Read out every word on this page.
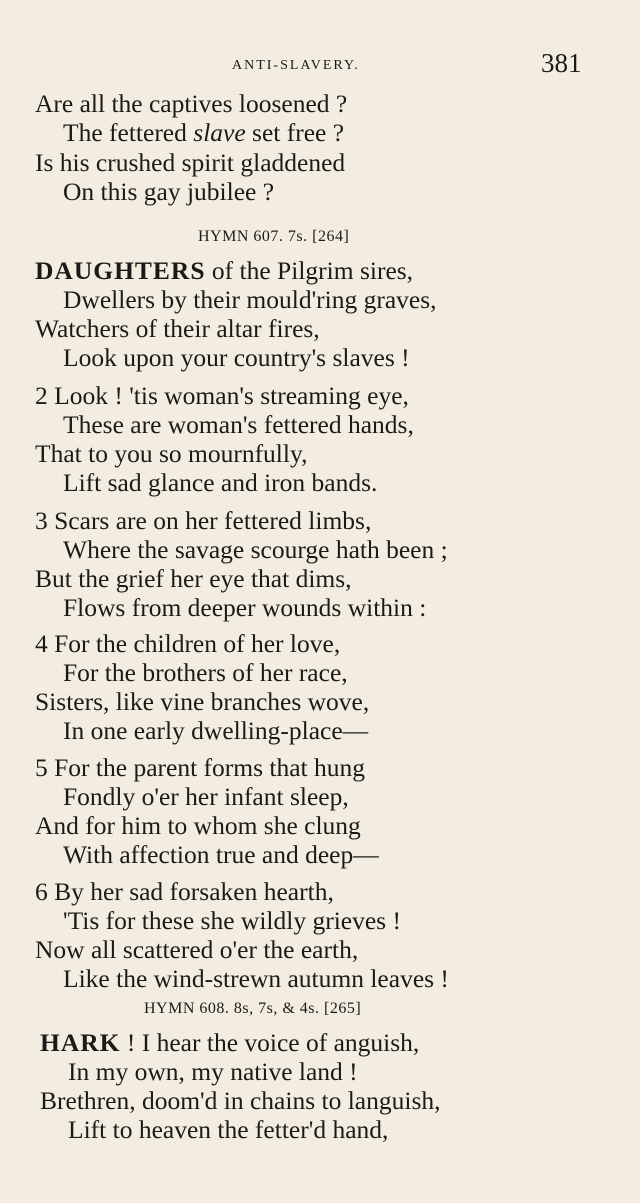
ANTI-SLAVERY.	381
Are all the captives loosened ?
The fettered slave set free ?
Is his crushed spirit gladdened
On this gay jubilee ?
HYMN 607. 7s. [264]
DAUGHTERS of the Pilgrim sires,
Dwellers by their mould'ring graves,
Watchers of their altar fires,
Look upon your country's slaves !
2 Look ! 'tis woman's streaming eye,
These are woman's fettered hands,
That to you so mournfully,
Lift sad glance and iron bands.
3 Scars are on her fettered limbs,
Where the savage scourge hath been ;
But the grief her eye that dims,
Flows from deeper wounds within :
4 For the children of her love,
For the brothers of her race,
Sisters, like vine branches wove,
In one early dwelling-place—
5 For the parent forms that hung
Fondly o'er her infant sleep,
And for him to whom she clung
With affection true and deep—
6 By her sad forsaken hearth,
'Tis for these she wildly grieves !
Now all scattered o'er the earth,
Like the wind-strewn autumn leaves !
HYMN 608. 8s, 7s, & 4s. [265]
HARK ! I hear the voice of anguish,
In my own, my native land !
Brethren, doom'd in chains to languish,
Lift to heaven the fetter'd hand,
